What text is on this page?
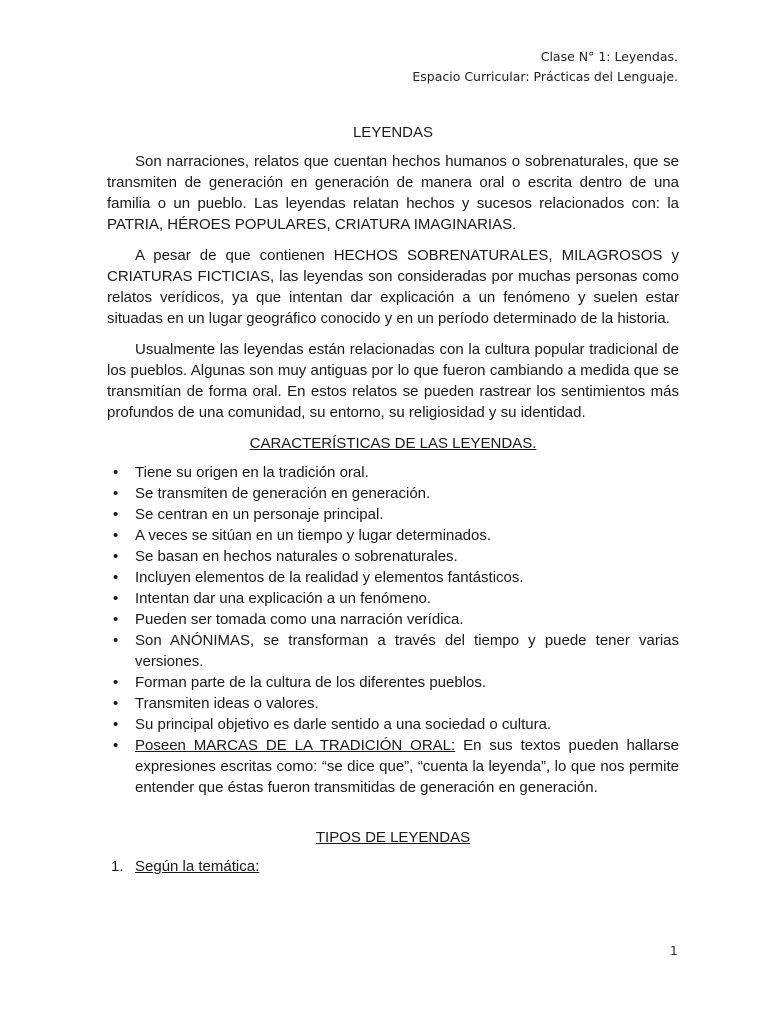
Clase N° 1: Leyendas.
Espacio Curricular: Prácticas del Lenguaje.
LEYENDAS

Son narraciones, relatos que cuentan hechos humanos o sobrenaturales, que se transmiten de generación en generación de manera oral o escrita dentro de una familia o un pueblo. Las leyendas relatan hechos y sucesos relacionados con: la PATRIA, HÉROES POPULARES, CRIATURA IMAGINARIAS.

A pesar de que contienen HECHOS SOBRENATURALES, MILAGROSOS y CRIATURAS FICTICIAS, las leyendas son consideradas por muchas personas como relatos verídicos, ya que intentan dar explicación a un fenómeno y suelen estar situadas en un lugar geográfico conocido y en un período determinado de la historia.

Usualmente las leyendas están relacionadas con la cultura popular tradicional de los pueblos. Algunas son muy antiguas por lo que fueron cambiando a medida que se transmitían de forma oral. En estos relatos se pueden rastrear los sentimientos más profundos de una comunidad, su entorno, su religiosidad y su identidad.

CARACTERÍSTICAS DE LAS LEYENDAS.
• Tiene su origen en la tradición oral.
• Se transmiten de generación en generación.
• Se centran en un personaje principal.
• A veces se sitúan en un tiempo y lugar determinados.
• Se basan en hechos naturales o sobrenaturales.
• Incluyen elementos de la realidad y elementos fantásticos.
• Intentan dar una explicación a un fenómeno.
• Pueden ser tomada como una narración verídica.
• Son ANÓNIMAS, se transforman a través del tiempo y puede tener varias versiones.
• Forman parte de la cultura de los diferentes pueblos.
• Transmiten ideas o valores.
• Su principal objetivo es darle sentido a una sociedad o cultura.
• Poseen MARCAS DE LA TRADICIÓN ORAL: En sus textos pueden hallarse expresiones escritas como: “se dice que”, “cuenta la leyenda”, lo que nos permite entender que éstas fueron transmitidas de generación en generación.
TIPOS DE LEYENDAS
1. Según la temática:
1
